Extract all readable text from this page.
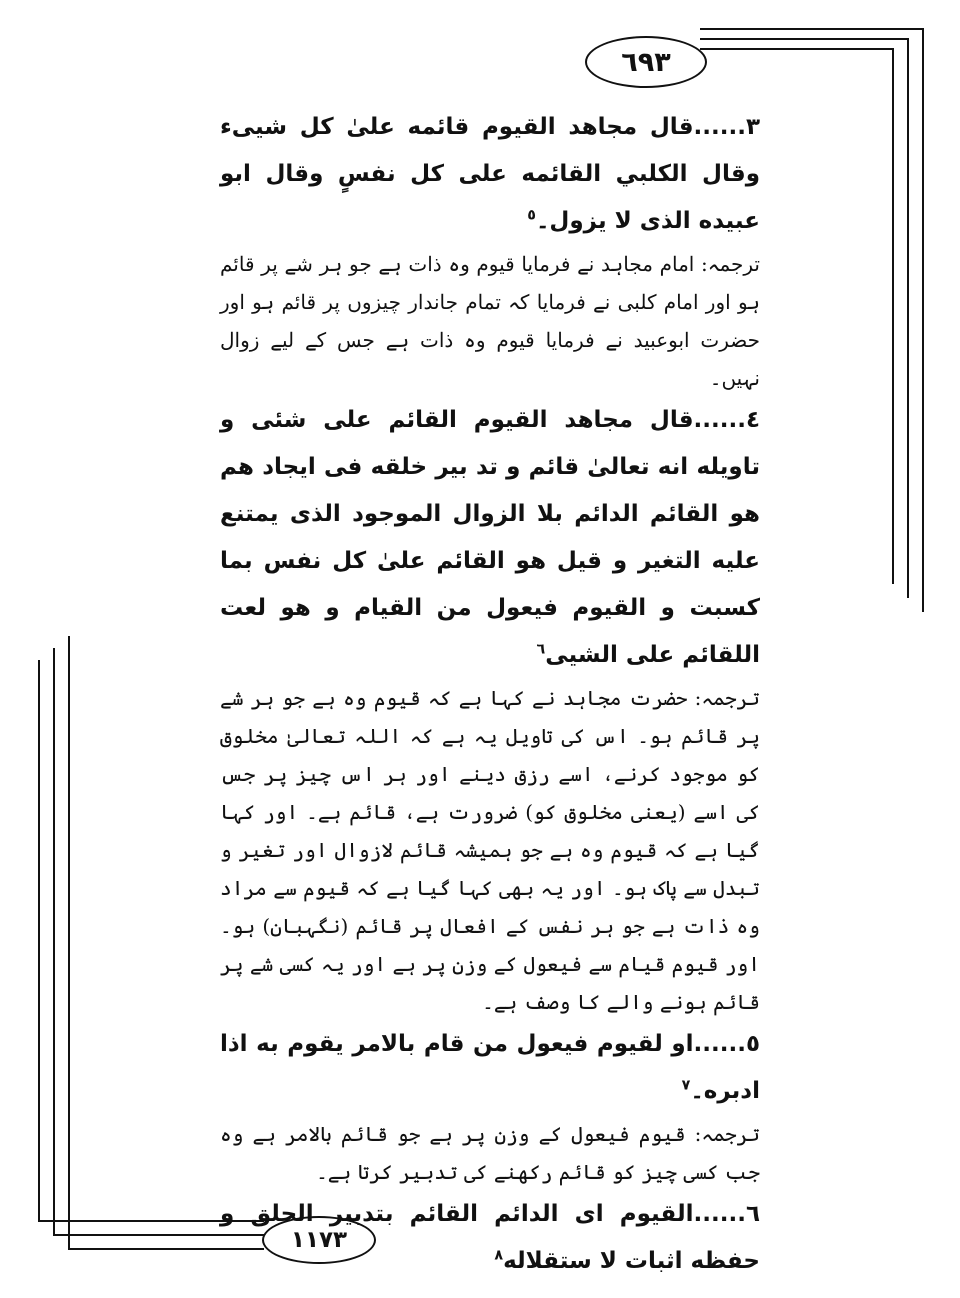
٦٩٣
١١٧٣

٣......قال مجاهد القيوم قائمه علىٰ كل شيىء وقال الكلبي القائمه على كل نفسٍ وقال ابو عبيده الذى لا يزول۔$^٥$

ترجمہ: امام مجاہد نے فرمایا قیوم وہ ذات ہے جو ہر شے پر قائم ہو اور امام کلبی نے فرمایا کہ تمام جاندار چیزوں پر قائم ہو اور حضرت ابوعبید نے فرمایا قیوم وہ ذات ہے جس کے لیے زوال نہیں۔

٤......قال مجاهد القيوم القائم على شئى و تاويله انه تعالىٰ قائم و تد بير خلقه فى ايجاد هم هو القائم الدائم بلا الزوال الموجود الذى يمتنع عليه التغير و قيل هو القائم علىٰ كل نفس بما كسبت و القيوم فيعول من القيام و هو لعت اللقائم على الشيى$^٦$

ترجمہ: حضرت مجاہد نے کہا ہے کہ قیوم وہ ہے جو ہر شے پر قائم ہو۔ اس کی تاویل یہ ہے کہ اللہ تعالیٰ مخلوق کو موجود کرنے، اسے رزق دینے اور ہر اس چیز پر جس کی اسے (یعنی مخلوق کو) ضرورت ہے، قائم ہے۔ اور کہا گیا ہے کہ قیوم وہ ہے جو ہمیشہ قائم لازوال اور تغیر و تبدل سے پاک ہو۔ اور یہ بھی کہا گیا ہے کہ قیوم سے مراد وہ ذات ہے جو ہر نفس کے افعال پر قائم (نگہبان) ہو۔ اور قیوم قیام سے فیعول کے وزن پر ہے اور یہ کسی شے پر قائم ہونے والے کا وصف ہے۔

٥......او لقيوم فيعول من قام بالامر يقوم به اذا ادبره۔$^٧$

ترجمہ: قیوم فیعول کے وزن پر ہے جو قائم بالامر ہے وہ جب کسی چیز کو قائم رکھنے کی تدبیر کرتا ہے۔

٦......القيوم اى الدائم القائم بتدبير الحلق و حفظه اثبات لا ستقلاله$^٨$
